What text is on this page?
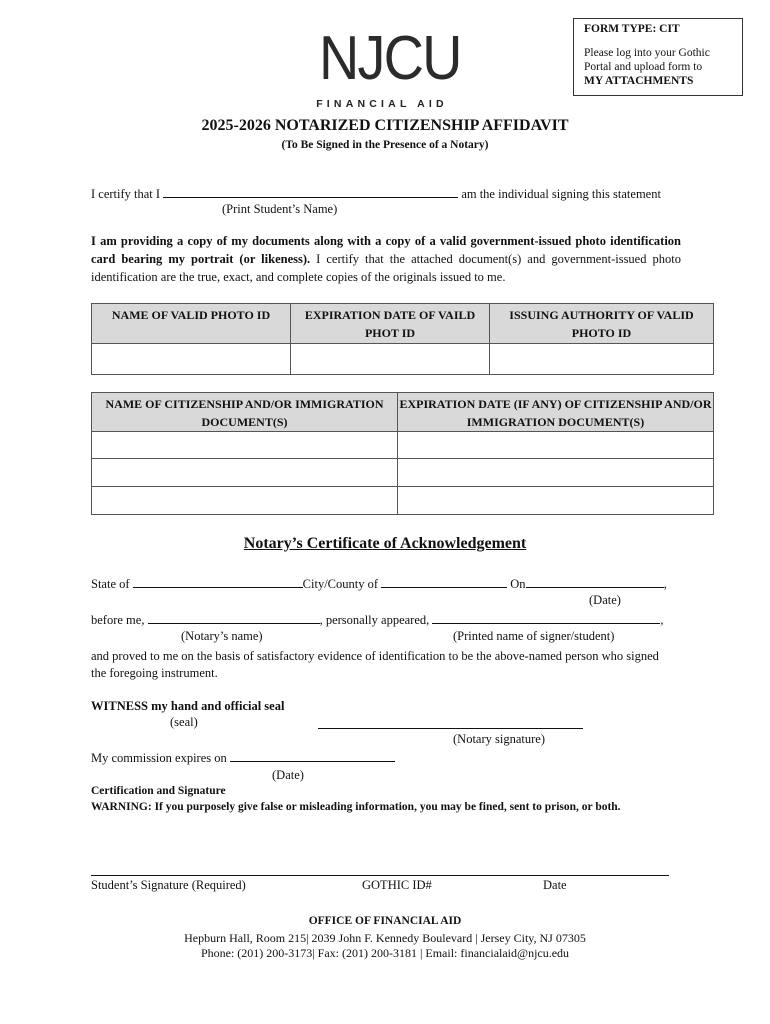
FORM TYPE: CIT
Please log into your Gothic Portal and upload form to
MY ATTACHMENTS
NJCU
FINANCIAL AID
2025-2026 NOTARIZED CITIZENSHIP AFFIDAVIT
(To Be Signed in the Presence of a Notary)
I certify that I	am the individual signing this statement
(Print Student’s Name)
I am providing a copy of my documents along with a copy of a valid government-issued photo identification card bearing my portrait (or likeness). I certify that the attached document(s) and government-issued photo identification are the true, exact, and complete copies of the originals issued to me.
NAME OF VALID PHOTO ID	EXPIRATION DATE OF VAILD PHOT ID	ISSUING AUTHORITY OF VALID PHOTO ID

NAME OF CITIZENSHIP AND/OR IMMIGRATION DOCUMENT(S)	EXPIRATION DATE (IF ANY) OF CITIZENSHIP AND/OR IMMIGRATION DOCUMENT(S)

Notary’s Certificate of Acknowledgement
State of	City/County of	On	,
(Date)
before me,	, personally appeared,	,
(Notary’s name)	(Printed name of signer/student)
and proved to me on the basis of satisfactory evidence of identification to be the above-named person who signed the foregoing instrument.
WITNESS my hand and official seal
(seal)
(Notary signature)
My commission expires on
(Date)
Certification and Signature
WARNING: If you purposely give false or misleading information, you may be fined, sent to prison, or both.
Student’s Signature (Required)	GOTHIC ID#	Date
OFFICE OF FINANCIAL AID
Hepburn Hall, Room 215| 2039 John F. Kennedy Boulevard | Jersey City, NJ 07305
Phone: (201) 200-3173| Fax: (201) 200-3181 | Email: financialaid@njcu.edu
